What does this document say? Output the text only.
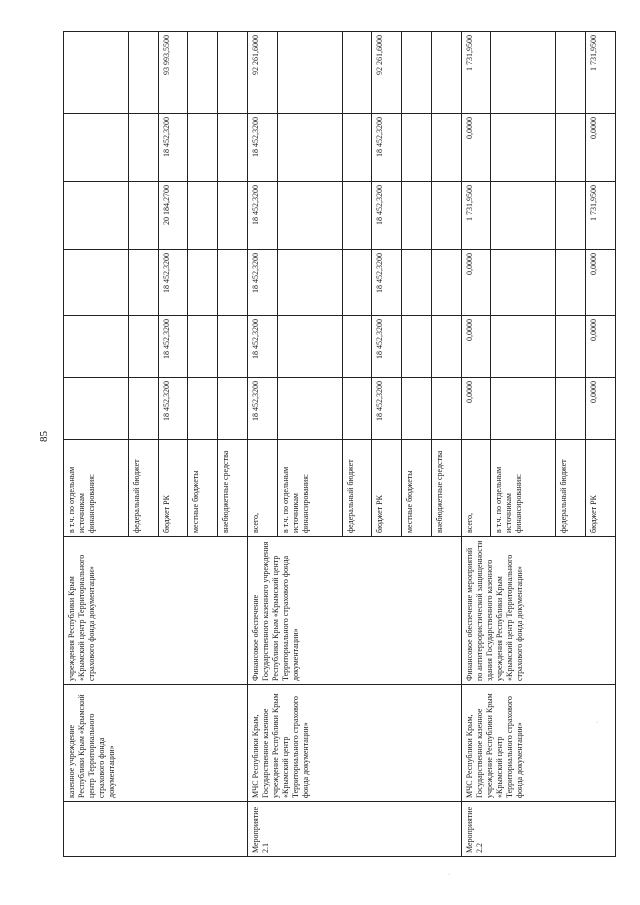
85
	казенное учреждение Республики Крым «Крымский центр Территориального страхового фонда документации»	учреждения Республики Крым «Крымский центр Территориального страхового фонда документации»	в т.ч. по отдельным источникам финансирования:						
			федеральный бюджет						
			бюджет РК	18 452,3200	18 452,3200	18 452,3200	20 184,2700	18 452,3200	93 993,5500
			местные бюджеты						
			внебюджетные средства						
Мероприятие 2.1	МЧС Республики Крым, Государственное казенное учреждение Республики Крым «Крымский центр Территориального страхового фонда документации»	Финансовое обеспечение Государственного казенного учреждения Республики Крым «Крымский центр Территориального страхового фонда документации»	всего,	18 452,3200	18 452,3200	18 452,3200	18 452,3200	18 452,3200	92 261,6000
			в т.ч. по отдельным источникам финансирования:						
			федеральный бюджет						
			бюджет РК	18 452,3200	18 452,3200	18 452,3200	18 452,3200	18 452,3200	92 261,6000
			местные бюджеты						
			внебюджетные средства						
Мероприятие 2.2	МЧС Республики Крым, Государственное казенное учреждение Республики Крым «Крымский центр Территориального страхового фонда документации»	Финансовое обеспечение мероприятий по антитеррористической защищенности здания Государственного казенного учреждения Республики Крым «Крымский центр Территориального страхового фонда документации»	всего,	0,0000	0,0000	0,0000	1 731,9500	0,0000	1 731,9500
			в т.ч. по отдельным источникам финансирования:						
			федеральный бюджет						
			бюджет РК	0,0000	0,0000	0,0000	1 731,9500	0,0000	1 731,9500
·
·
